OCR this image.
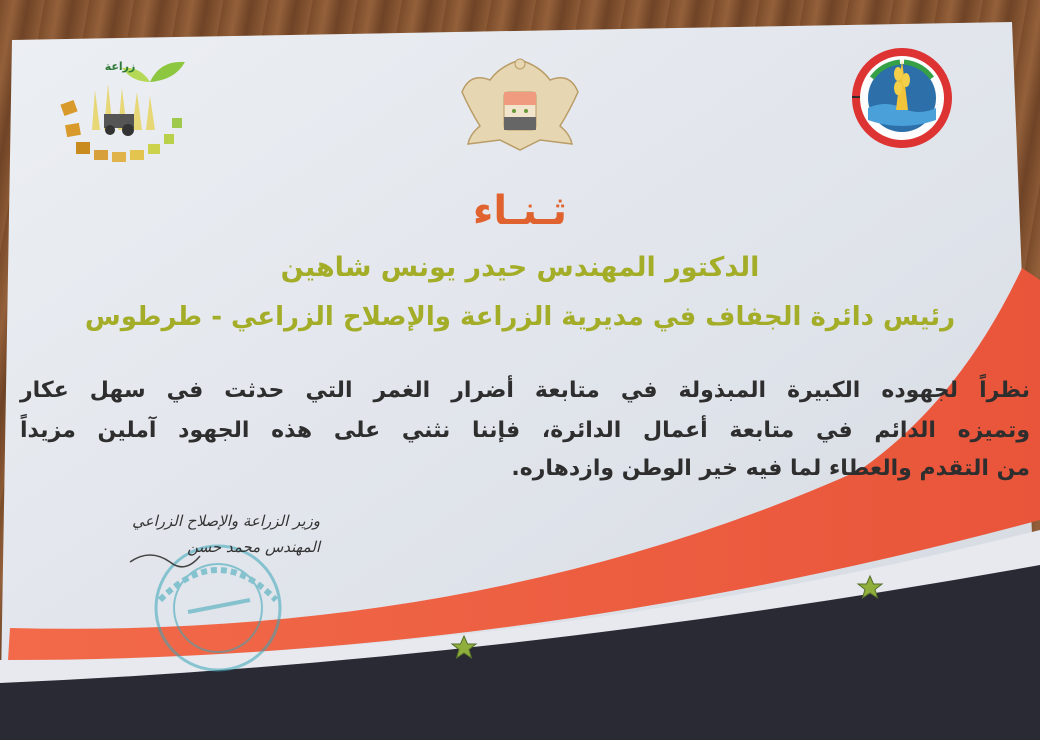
زراعة
ثـنـاء
الدكتور المهندس حيدر يونس شاهين
رئيس دائرة الجفاف في مديرية الزراعة والإصلاح الزراعي - طرطوس
نظراً لجهوده الكبيرة المبذولة في متابعة أضرار الغمر التي حدثت في سهل عكار
وتميزه الدائم في متابعة أعمال الدائرة، فإننا نثني على هذه الجهود آملين مزيداً
من التقدم والعطاء لما فيه خير الوطن وازدهاره.
وزير الزراعة والإصلاح الزراعي
المهندس محمد حسن
